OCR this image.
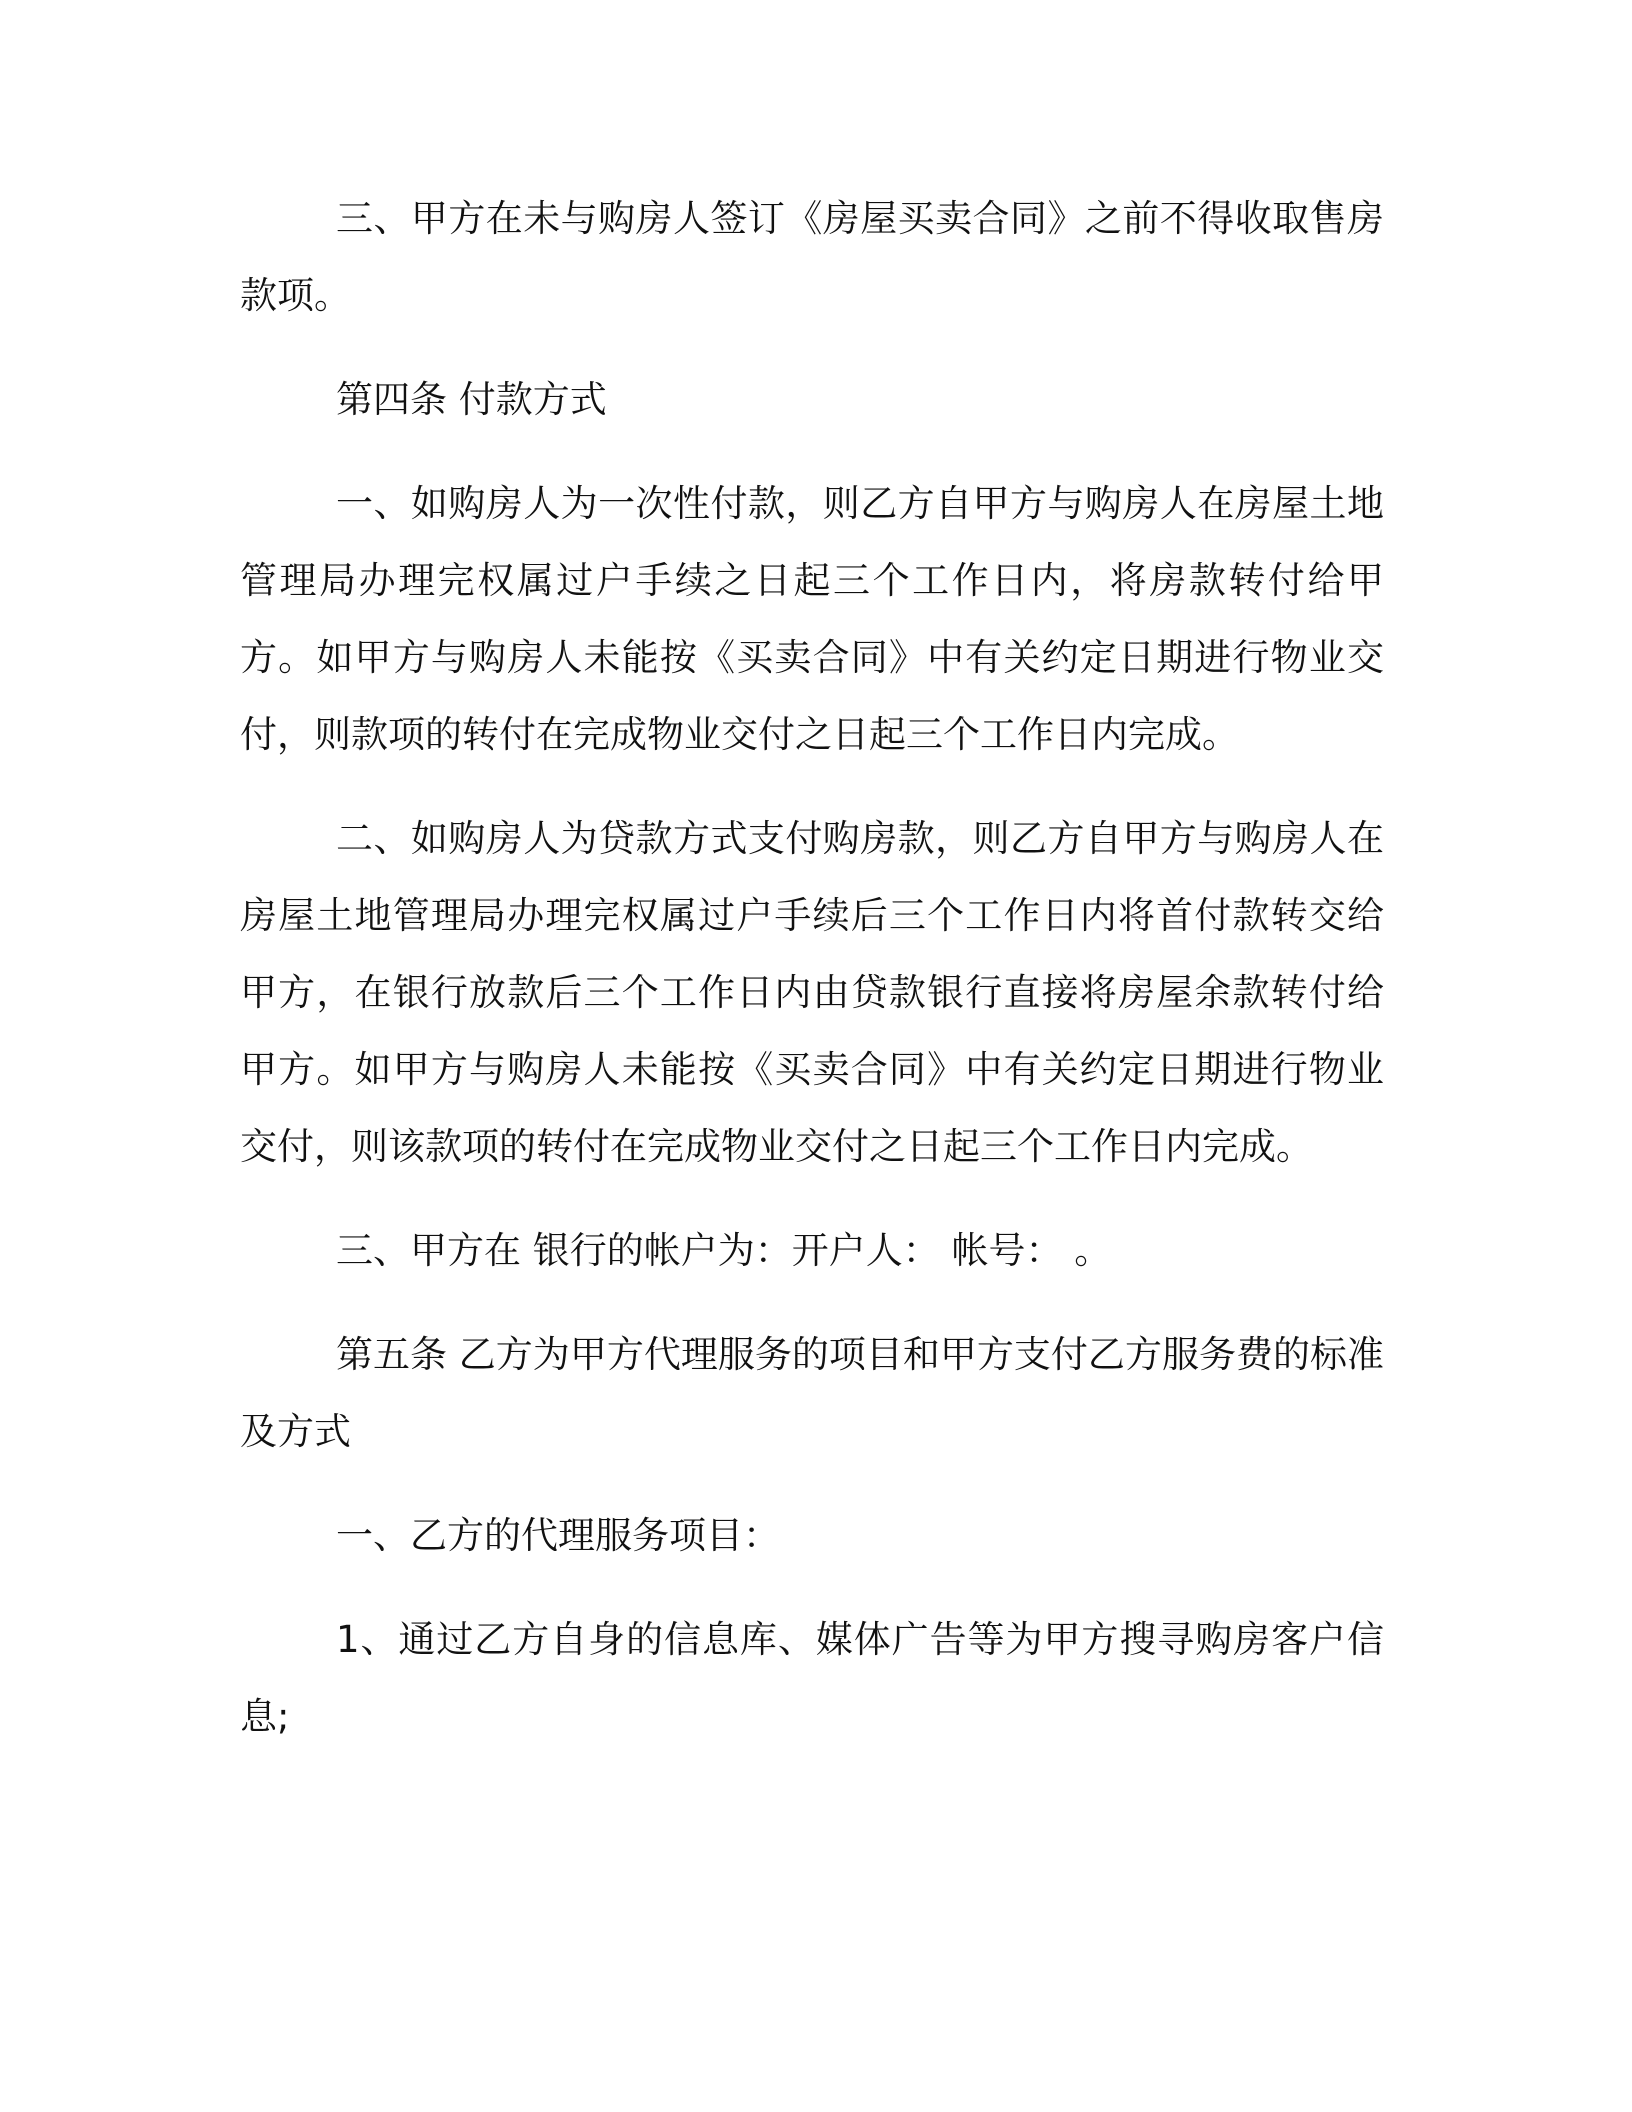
三、甲方在未与购房人签订《房屋买卖合同》之前不得收取售房款项。

第四条 付款方式

一、如购房人为一次性付款，则乙方自甲方与购房人在房屋土地管理局办理完权属过户手续之日起三个工作日内，将房款转付给甲方。如甲方与购房人未能按《买卖合同》中有关约定日期进行物业交付，则款项的转付在完成物业交付之日起三个工作日内完成。

二、如购房人为贷款方式支付购房款，则乙方自甲方与购房人在房屋土地管理局办理完权属过户手续后三个工作日内将首付款转交给甲方，在银行放款后三个工作日内由贷款银行直接将房屋余款转付给甲方。如甲方与购房人未能按《买卖合同》中有关约定日期进行物业交付，则该款项的转付在完成物业交付之日起三个工作日内完成。

三、甲方在 银行的帐户为：开户人： 帐号： 。

第五条 乙方为甲方代理服务的项目和甲方支付乙方服务费的标准及方式

一、乙方的代理服务项目：

1、通过乙方自身的信息库、媒体广告等为甲方搜寻购房客户信息;
